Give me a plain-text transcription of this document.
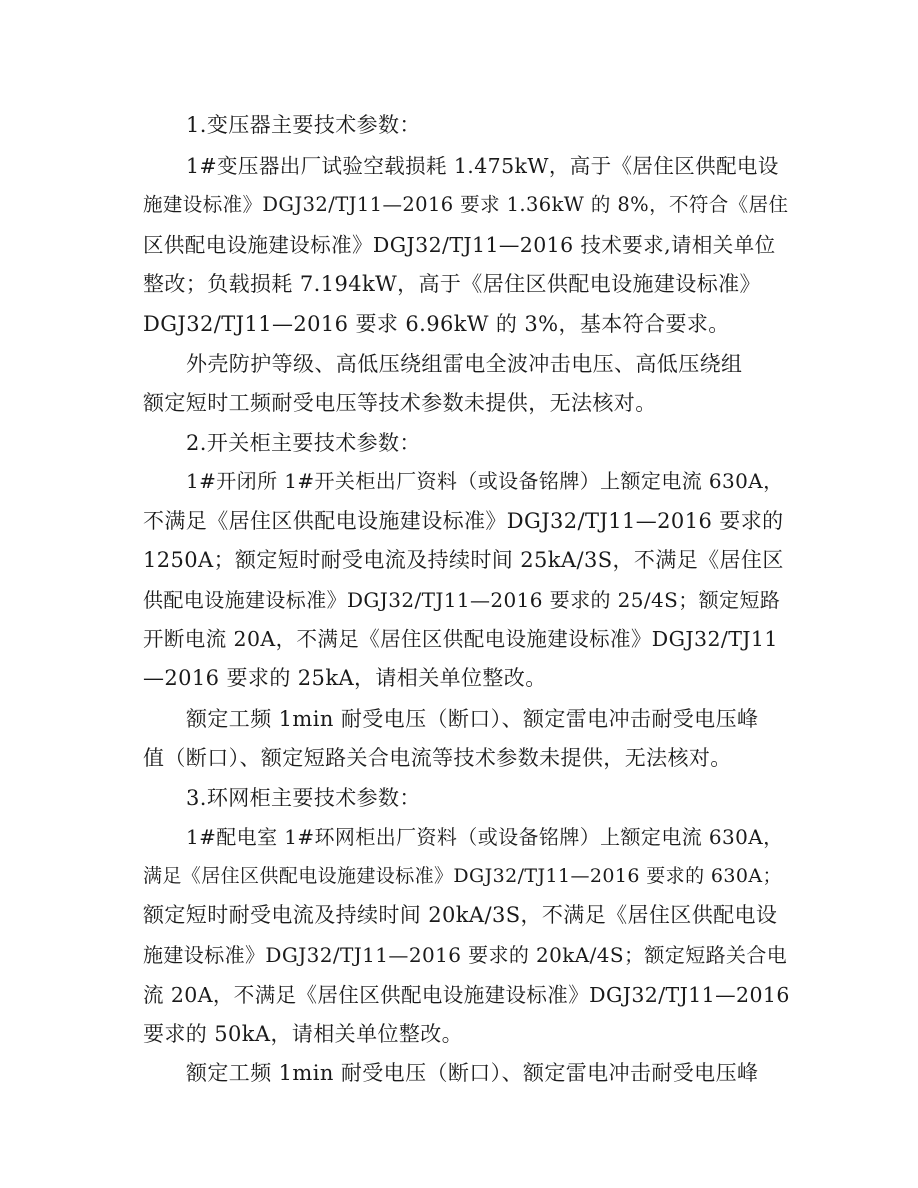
1.变压器主要技术参数：
1#变压器出厂试验空载损耗 1.475kW，高于《居住区供配电设
施建设标准》DGJ32/TJ11—2016 要求 1.36kW 的 8%，不符合《居住
区供配电设施建设标准》DGJ32/TJ11—2016 技术要求,请相关单位
整改；负载损耗 7.194kW，高于《居住区供配电设施建设标准》
DGJ32/TJ11—2016 要求 6.96kW 的 3%，基本符合要求。
外壳防护等级、高低压绕组雷电全波冲击电压、高低压绕组
额定短时工频耐受电压等技术参数未提供，无法核对。
2.开关柜主要技术参数：
1#开闭所 1#开关柜出厂资料（或设备铭牌）上额定电流 630A，
不满足《居住区供配电设施建设标准》DGJ32/TJ11—2016 要求的
1250A；额定短时耐受电流及持续时间 25kA/3S，不满足《居住区
供配电设施建设标准》DGJ32/TJ11—2016 要求的 25/4S；额定短路
开断电流 20A，不满足《居住区供配电设施建设标准》DGJ32/TJ11
—2016 要求的 25kA，请相关单位整改。
额定工频 1min 耐受电压（断口）、额定雷电冲击耐受电压峰
值（断口）、额定短路关合电流等技术参数未提供，无法核对。
3.环网柜主要技术参数：
1#配电室 1#环网柜出厂资料（或设备铭牌）上额定电流 630A，
满足《居住区供配电设施建设标准》DGJ32/TJ11—2016 要求的 630A；
额定短时耐受电流及持续时间 20kA/3S，不满足《居住区供配电设
施建设标准》DGJ32/TJ11—2016 要求的 20kA/4S；额定短路关合电
流 20A，不满足《居住区供配电设施建设标准》DGJ32/TJ11—2016
要求的 50kA，请相关单位整改。
额定工频 1min 耐受电压（断口）、额定雷电冲击耐受电压峰
